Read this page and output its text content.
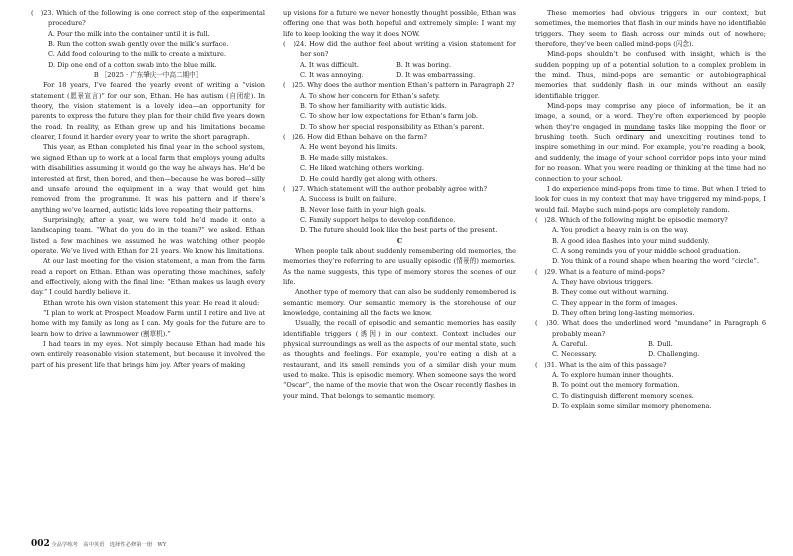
(　)23. Which of the following is one correct step of the experimental procedure?

A. Pour the milk into the container until it is full.

B. Run the cotton swab gently over the milk’s surface.

C. Add food colouring to the milk to create a mixture.

D. Dip one end of a cotton swab into the blue milk.

B ［2025 · 广东肇庆一中高二期中］

For 18 years, I’ve feared the yearly event of writing a “vision statement (愿景宣言)” for our son, Ethan. He has autism (自闭症). In theory, the vision statement is a lovely idea—an opportunity for parents to express the future they plan for their child five years down the road. In reality, as Ethan grew up and his limitations became clearer, I found it harder every year to write the short paragraph.

This year, as Ethan completed his final year in the school system, we signed Ethan up to work at a local farm that employs young adults with disabilities assuming it would go the way he always has. He’d be interested at first, then bored, and then—because he was bored—silly and unsafe around the equipment in a way that would get him removed from the programme. It was his pattern and if there’s anything we’ve learned, autistic kids love repeating their patterns.

Surprisingly, after a year, we were told he’d made it onto a landscaping team. “What do you do in the team?” we asked. Ethan listed a few machines we assumed he was watching other people operate. We’ve lived with Ethan for 21 years. We know his limitations.

At our last meeting for the vision statement, a man from the farm read a report on Ethan. Ethan was operating those machines, safely and effectively, along with the final line: “Ethan makes us laugh every day.” I could hardly believe it.

Ethan wrote his own vision statement this year. He read it aloud:

“I plan to work at Prospect Meadow Farm until I retire and live at home with my family as long as I can. My goals for the future are to learn how to drive a lawnmower (割草机).”

I had tears in my eyes. Not simply because Ethan had made his own entirely reasonable vision statement, but because it involved the part of his present life that brings him joy. After years of making

up visions for a future we never honestly thought possible, Ethan was offering one that was both hopeful and extremely simple: I want my life to keep looking the way it does NOW.

(　)24. How did the author feel about writing a vision statement for her son?

A. It was difficult.	B. It was boring.
C. It was annoying.	D. It was embarrassing.

(　)25. Why does the author mention Ethan’s pattern in Paragraph 2?

A. To show her concern for Ethan’s safety.

B. To show her familiarity with autistic kids.

C. To show her low expectations for Ethan’s farm job.

D. To show her special responsibility as Ethan’s parent.

(　)26. How did Ethan behave on the farm?

A. He went beyond his limits.

B. He made silly mistakes.

C. He liked watching others working.

D. He could hardly get along with others.

(　)27. Which statement will the author probably agree with?

A. Success is built on failure.

B. Never lose faith in your high goals.

C. Family support helps to develop confidence.

D. The future should look like the best parts of the present.

C

When people talk about suddenly remembering old memories, the memories they’re referring to are usually episodic (情景的) memories. As the name suggests, this type of memory stores the scenes of our life.

Another type of memory that can also be suddenly remembered is semantic memory. Our semantic memory is the storehouse of our knowledge, containing all the facts we know.

Usually, the recall of episodic and semantic memories has easily identifiable triggers (诱因) in our context. Context includes our physical surroundings as well as the aspects of our mental state, such as thoughts and feelings. For example, you’re eating a dish at a restaurant, and its smell reminds you of a similar dish your mum used to make. This is episodic memory. When someone says the word “Oscar”, the name of the movie that won the Oscar recently flashes in your mind. That belongs to semantic memory.

These memories had obvious triggers in our context, but sometimes, the memories that flash in our minds have no identifiable triggers. They seem to flash across our minds out of nowhere; therefore, they’ve been called mind-pops (闪念).

Mind-pops shouldn’t be confused with insight, which is the sudden popping up of a potential solution to a complex problem in the mind. Thus, mind-pops are semantic or autobiographical memories that suddenly flash in our minds without an easily identifiable trigger.

Mind-pops may comprise any piece of information, be it an image, a sound, or a word. They’re often experienced by people when they’re engaged in mundane tasks like mopping the floor or brushing teeth. Such ordinary and unexciting routines tend to inspire something in our mind. For example, you’re reading a book, and suddenly, the image of your school corridor pops into your mind for no reason. What you were reading or thinking at the time had no connection to your school.

I do experience mind-pops from time to time. But when I tried to look for cues in my context that may have triggered my mind-pops, I would fail. Maybe such mind-pops are completely random.

(　)28. Which of the following might be episodic memory?

A. You predict a heavy rain is on the way.

B. A good idea flashes into your mind suddenly.

C. A song reminds you of your middle school graduation.

D. You think of a round shape when hearing the word “circle”.

(　)29. What is a feature of mind-pops?

A. They have obvious triggers.

B. They come out without warning.

C. They appear in the form of images.

D. They often bring long-lasting memories.

(　)30. What does the underlined word “mundane” in Paragraph 6 probably mean?

A. Careful.	B. Dull.
C. Necessary.	D. Challenging.

(　)31. What is the aim of this passage?

A. To explore human inner thoughts.

B. To point out the memory formation.

C. To distinguish different memory scenes.

D. To explain some similar memory phenomena.

002 全品学练考　高中英语　选择性必修第一册　WY
